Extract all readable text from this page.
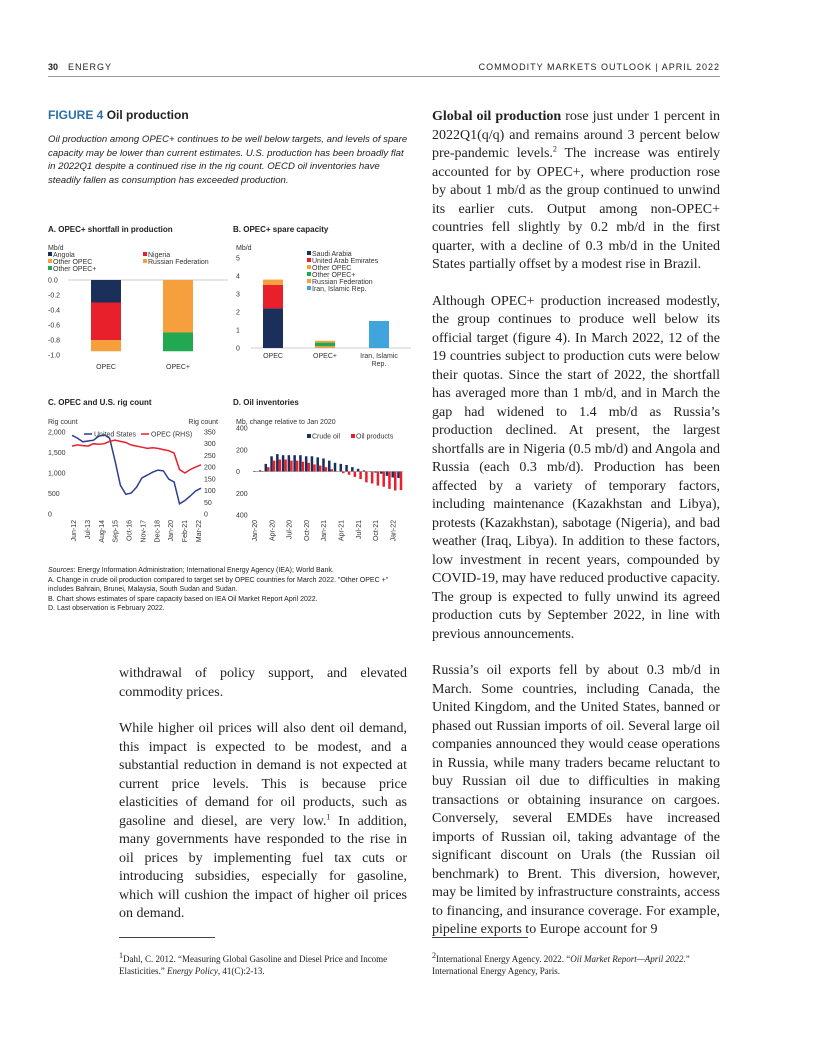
30 ENERGY	COMMODITY MARKETS OUTLOOK | APRIL 2022
FIGURE 4 Oil production
Oil production among OPEC+ continues to be well below targets, and levels of spare capacity may be lower than current estimates. U.S. production has been broadly flat in 2022Q1 despite a continued rise in the rig count. OECD oil inventories have steadily fallen as consumption has exceeded production.
A. OPEC+ shortfall in production	B. OPEC+ spare capacity
C. OPEC and U.S. rig count	D. Oil inventories
Mb/d
Angola	Nigeria
Other OPEC	Russian Federation
Other OPEC+
0.0
-0.2
-0.4
-0.6
-0.8
-1.0
OPEC	OPEC+
Mb/d
Saudi Arabia
United Arab Emirates
Other OPEC
Other OPEC+
Russian Federation
Iran, Islamic Rep.
0
1
2
3
4
5
OPEC	OPEC+	Iran, Islamic Rep.
Rig count	Rig count
0
500
1,000
1,500
2,000
0
50
100
150
200
250
300
350
United States OPEC (RHS)
Jun-12 Jul-13 Aug-14 Sep-15 Oct-16 Nov-17 Dec-18 Jan-20 Feb-21 Mar-22
Mb, change relative to Jan 2020
400
200
0
200
400
Crude oil Oil products
Jan-20 Apr-20 Jul-20 Oct-20 Jan-21 Apr-21 Jul-21 Oct-21 Jan-22

Sources: Energy Information Administration; International Energy Agency (IEA); World Bank.

A. Change in crude oil production compared to target set by OPEC countries for March 2022. "Other OPEC +" includes Bahrain, Brunei, Malaysia, South Sudan and Sudan.

B. Chart shows estimates of spare capacity based on IEA Oil Market Report April 2022.

D. Last observation is February 2022.

withdrawal of policy support, and elevated commodity prices.

While higher oil prices will also dent oil demand, this impact is expected to be modest, and a substantial reduction in demand is not expected at current price levels. This is because price elasticities of demand for oil products, such as gasoline and diesel, are very low.$^1$ In addition, many governments have responded to the rise in oil prices by implementing fuel tax cuts or introducing subsidies, especially for gasoline, which will cushion the impact of higher oil prices on demand.

Global oil production rose just under 1 percent in 2022Q1(q/q) and remains around 3 percent below pre-pandemic levels.$^2$ The increase was entirely accounted for by OPEC+, where production rose by about 1 mb/d as the group continued to unwind its earlier cuts. Output among non-OPEC+ countries fell slightly by 0.2 mb/d in the first quarter, with a decline of 0.3 mb/d in the United States partially offset by a modest rise in Brazil.

Although OPEC+ production increased modestly, the group continues to produce well below its official target (figure 4). In March 2022, 12 of the 19 countries subject to production cuts were below their quotas. Since the start of 2022, the shortfall has averaged more than 1 mb/d, and in March the gap had widened to 1.4 mb/d as Russia’s production declined. At present, the largest shortfalls are in Nigeria (0.5 mb/d) and Angola and Russia (each 0.3 mb/d). Production has been affected by a variety of temporary factors, including maintenance (Kazakhstan and Libya), protests (Kazakhstan), sabotage (Nigeria), and bad weather (Iraq, Libya). In addition to these factors, low investment in recent years, compounded by COVID-19, may have reduced productive capacity. The group is expected to fully unwind its agreed production cuts by September 2022, in line with previous announcements.

Russia’s oil exports fell by about 0.3 mb/d in March. Some countries, including Canada, the United Kingdom, and the United States, banned or phased out Russian imports of oil. Several large oil companies announced they would cease operations in Russia, while many traders became reluctant to buy Russian oil due to difficulties in making transactions or obtaining insurance on cargoes. Conversely, several EMDEs have increased imports of Russian oil, taking advantage of the significant discount on Urals (the Russian oil benchmark) to Brent. This diversion, however, may be limited by infrastructure constraints, access to financing, and insurance coverage. For example, pipeline exports to Europe account for 9

$^1$Dahl, C. 2012. “Measuring Global Gasoline and Diesel Price and Income Elasticities.” Energy Policy, 41(C):2-13.
$^2$International Energy Agency. 2022. “Oil Market Report—April 2022.” International Energy Agency, Paris.
